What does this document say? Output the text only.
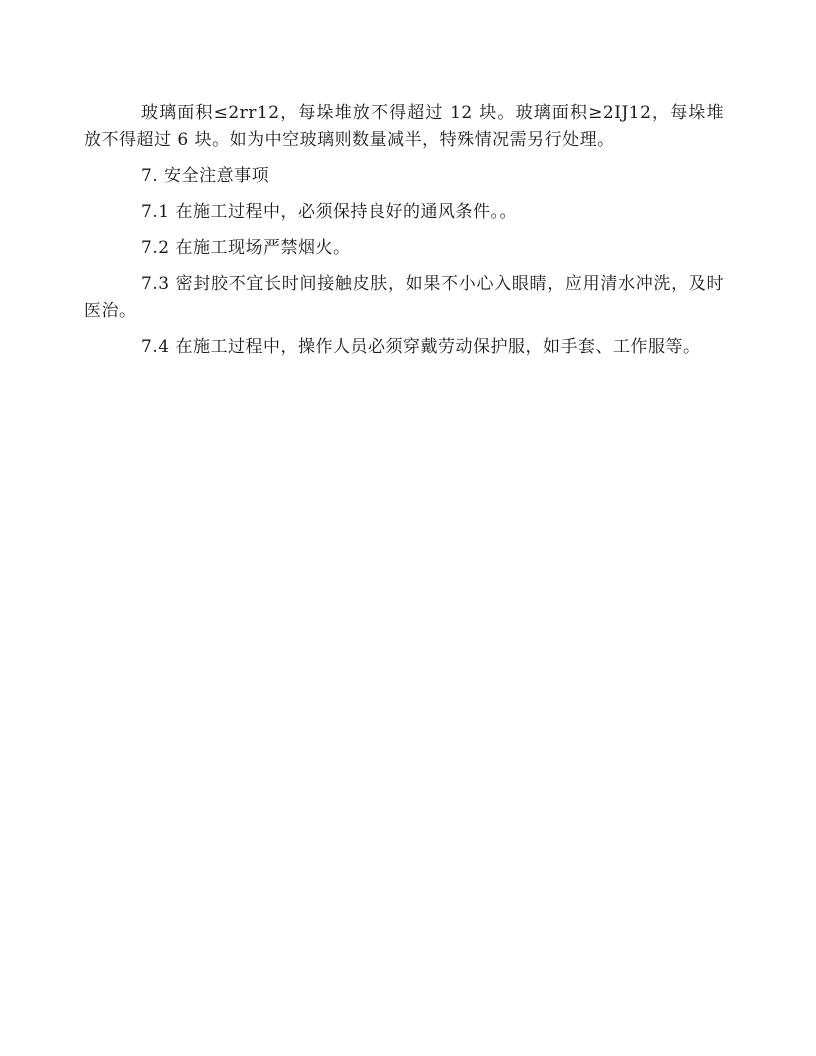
玻璃面积≤2rr12，每垛堆放不得超过 12 块。玻璃面积≥2IJ12，每垛堆放不得超过 6 块。如为中空玻璃则数量减半，特殊情况需另行处理。

7. 安全注意事项

7.1 在施工过程中，必须保持良好的通风条件。。

7.2 在施工现场严禁烟火。

7.3 密封胶不宜长时间接触皮肤，如果不小心入眼睛，应用清水冲洗，及时医治。

7.4 在施工过程中，操作人员必须穿戴劳动保护服，如手套、工作服等。
